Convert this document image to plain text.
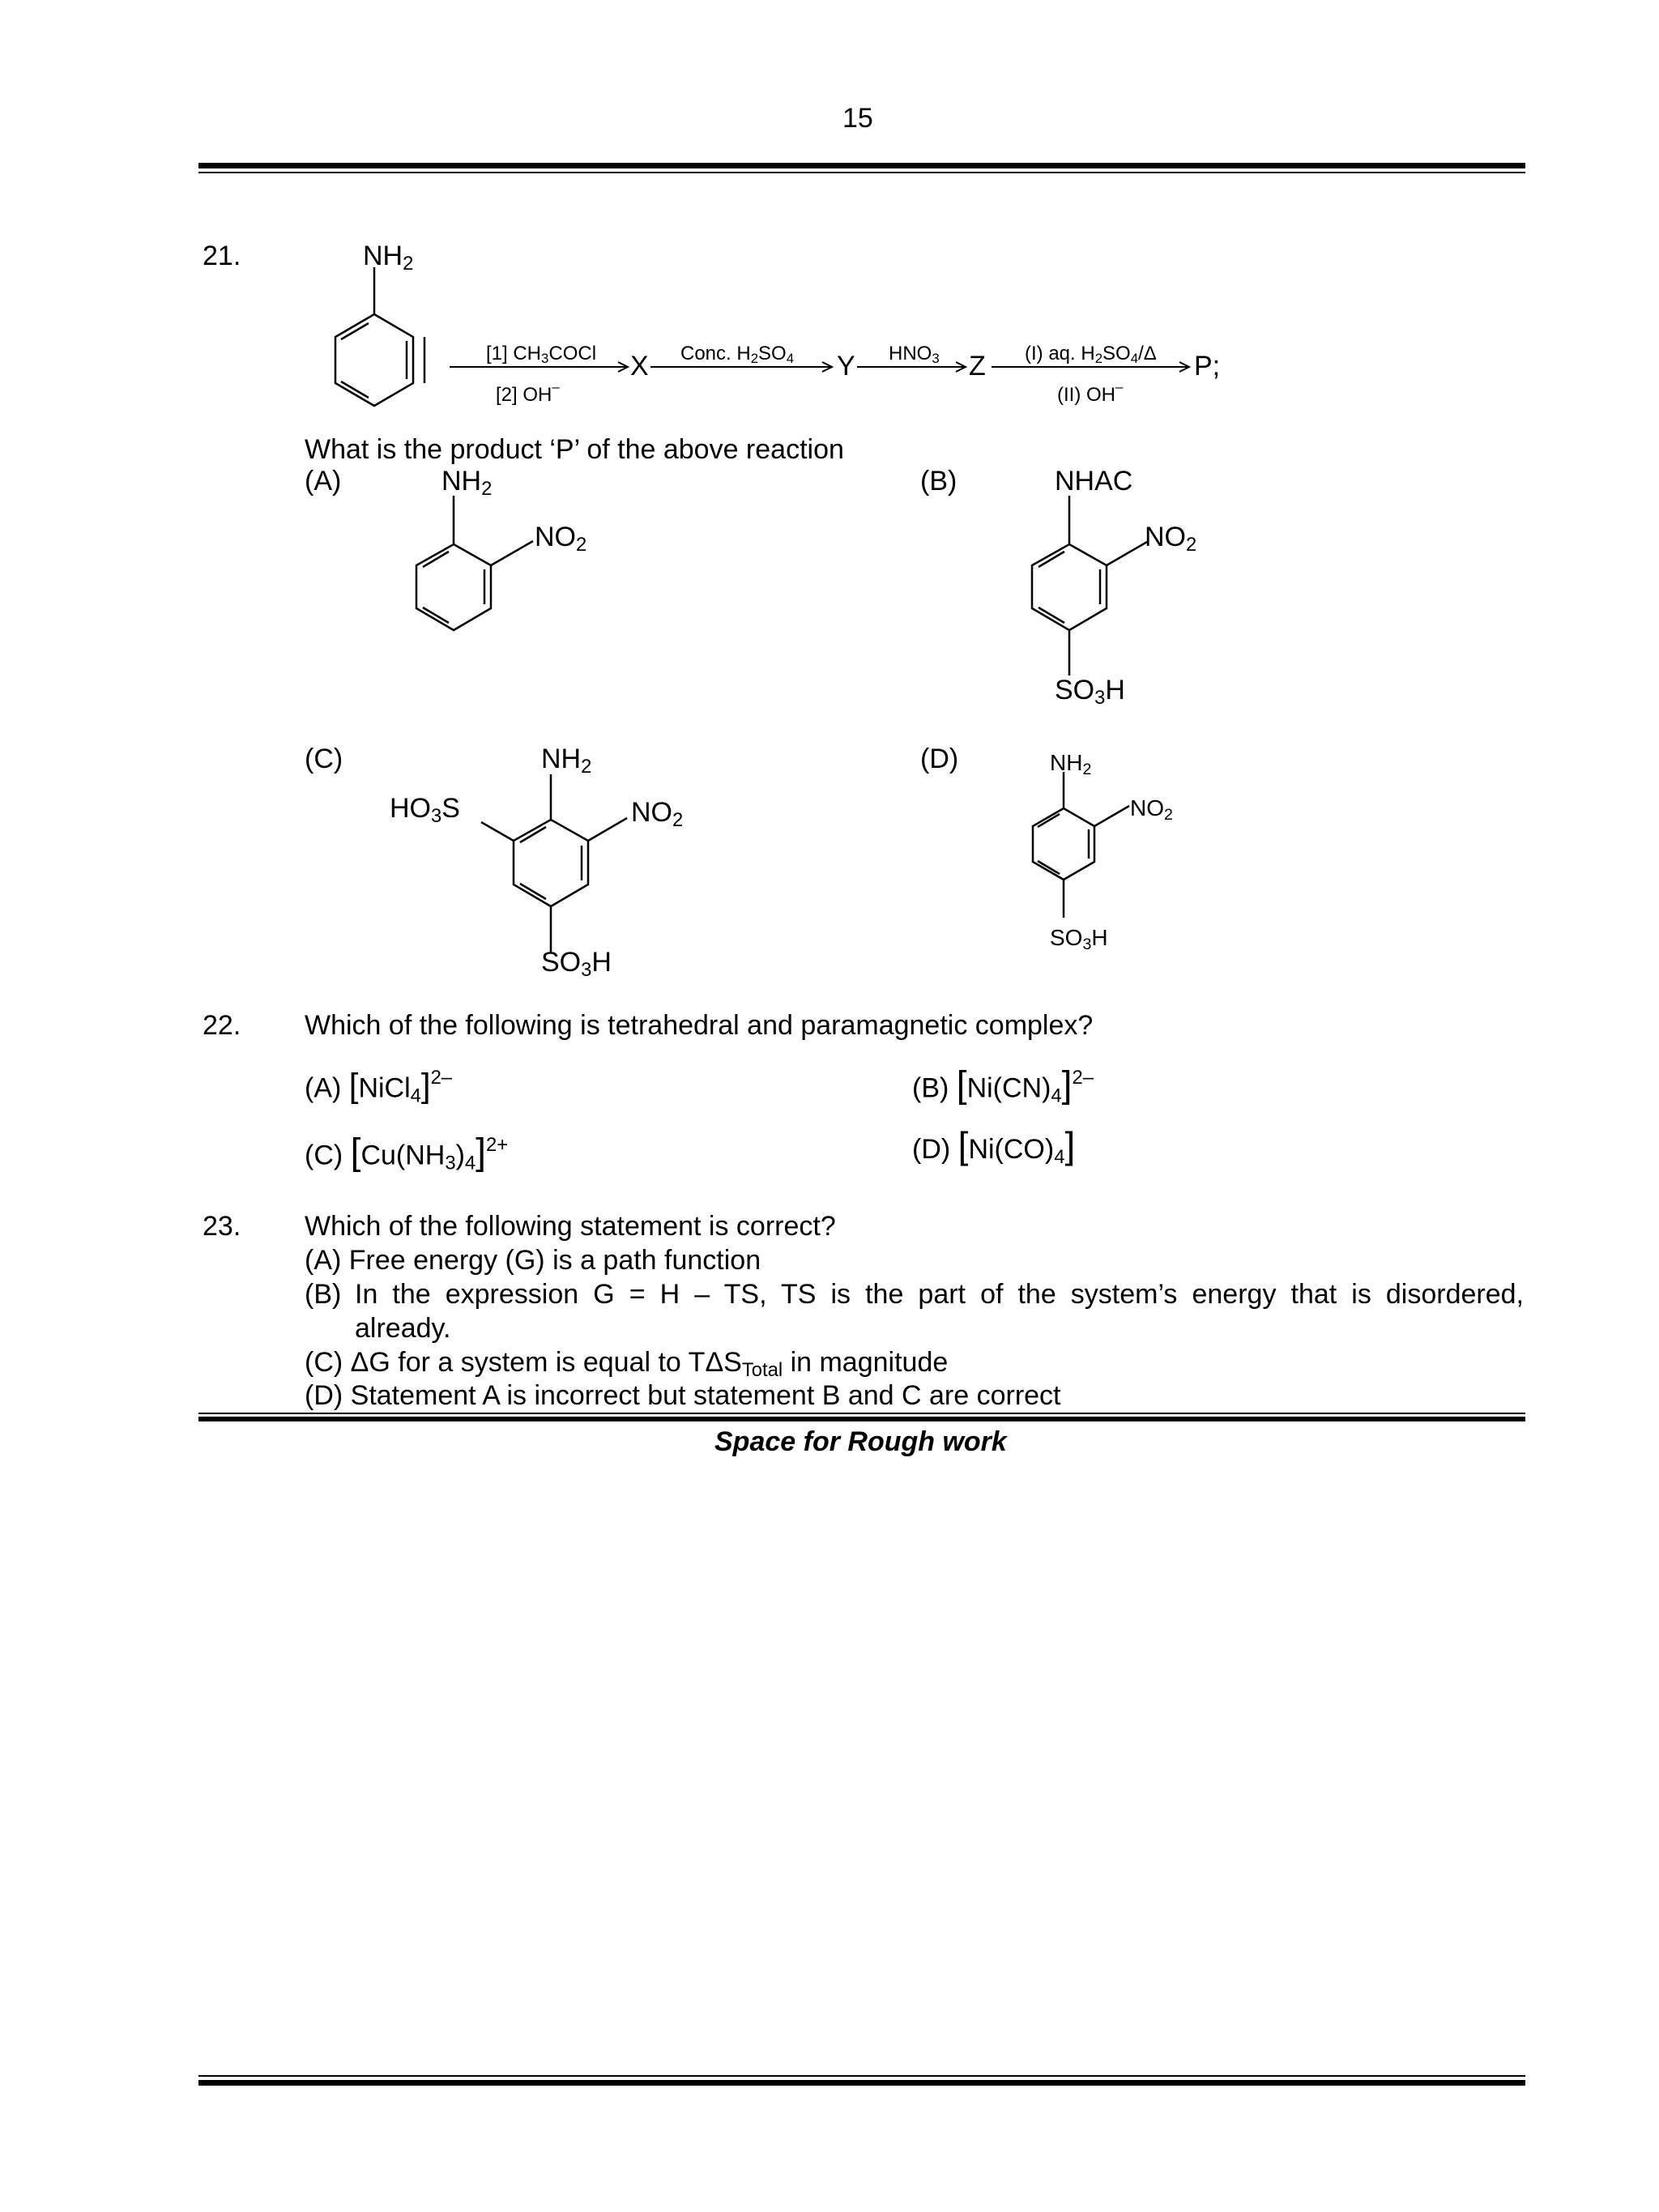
15
21.	$NH_2$
[1] $CH_3COCl$
[2] OH–
X Conc. $H_2SO_4$ Y $HNO_3$ Z (I) aq. $H_2SO_4/\Delta$
(II) OH–
P;
What is the product ‘P’ of the above reaction
(A)	$NH_2$
$NO_2$
(B)	NHAC
$NO_2$
$SO_3H$
(C)	$NH_2$
$HO_3S$	$NO_2$
$SO_3H$
(D)	$NH_2$
$NO_2$
$SO_3H$
22. Which of the following is tetrahedral and paramagnetic complex?
(A) [NiCl$_4$]$^{2-}$	(B) $[Ni(CN)_4]^{2-}$
(C) $[Cu(NH_3)_4]^{2+}$	(D) $[Ni(CO)_4]$
23. Which of the following statement is correct?
(A) Free energy (G) is a path function
(B) In the expression G = H – TS, TS is the part of the system’s energy that is disordered,
already.
(C) ΔG for a system is equal to $T\Delta S_{Total}$ in magnitude
(D) Statement A is incorrect but statement B and C are correct
Space for Rough work
